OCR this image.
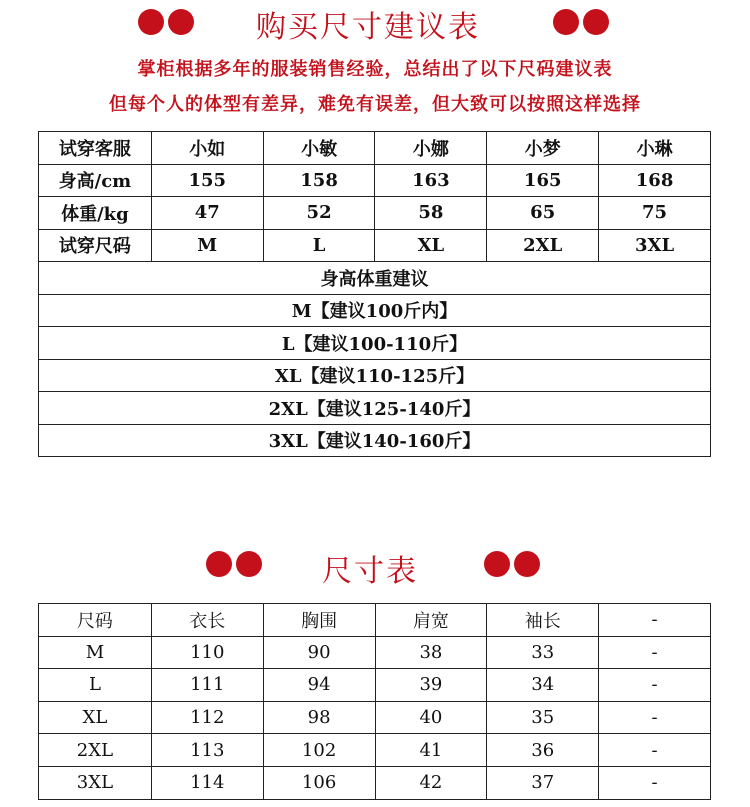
购买尺寸建议表
掌柜根据多年的服装销售经验，总结出了以下尺码建议表
但每个人的体型有差异，难免有误差，但大致可以按照这样选择
试穿客服	小如	小敏	小娜	小梦	小琳
身高/cm	155	158	163	165	168
体重/kg	47	52	58	65	75
试穿尺码	M	L	XL	2XL	3XL
身高体重建议					
M【建议100斤内】					
L【建议100-110斤】					
XL【建议110-125斤】					
2XL【建议125-140斤】					
3XL【建议140-160斤】					
尺寸表
尺码	衣长	胸围	肩宽	袖长	-
M	110	90	38	33	-
L	111	94	39	34	-
XL	112	98	40	35	-
2XL	113	102	41	36	-
3XL	114	106	42	37	-
